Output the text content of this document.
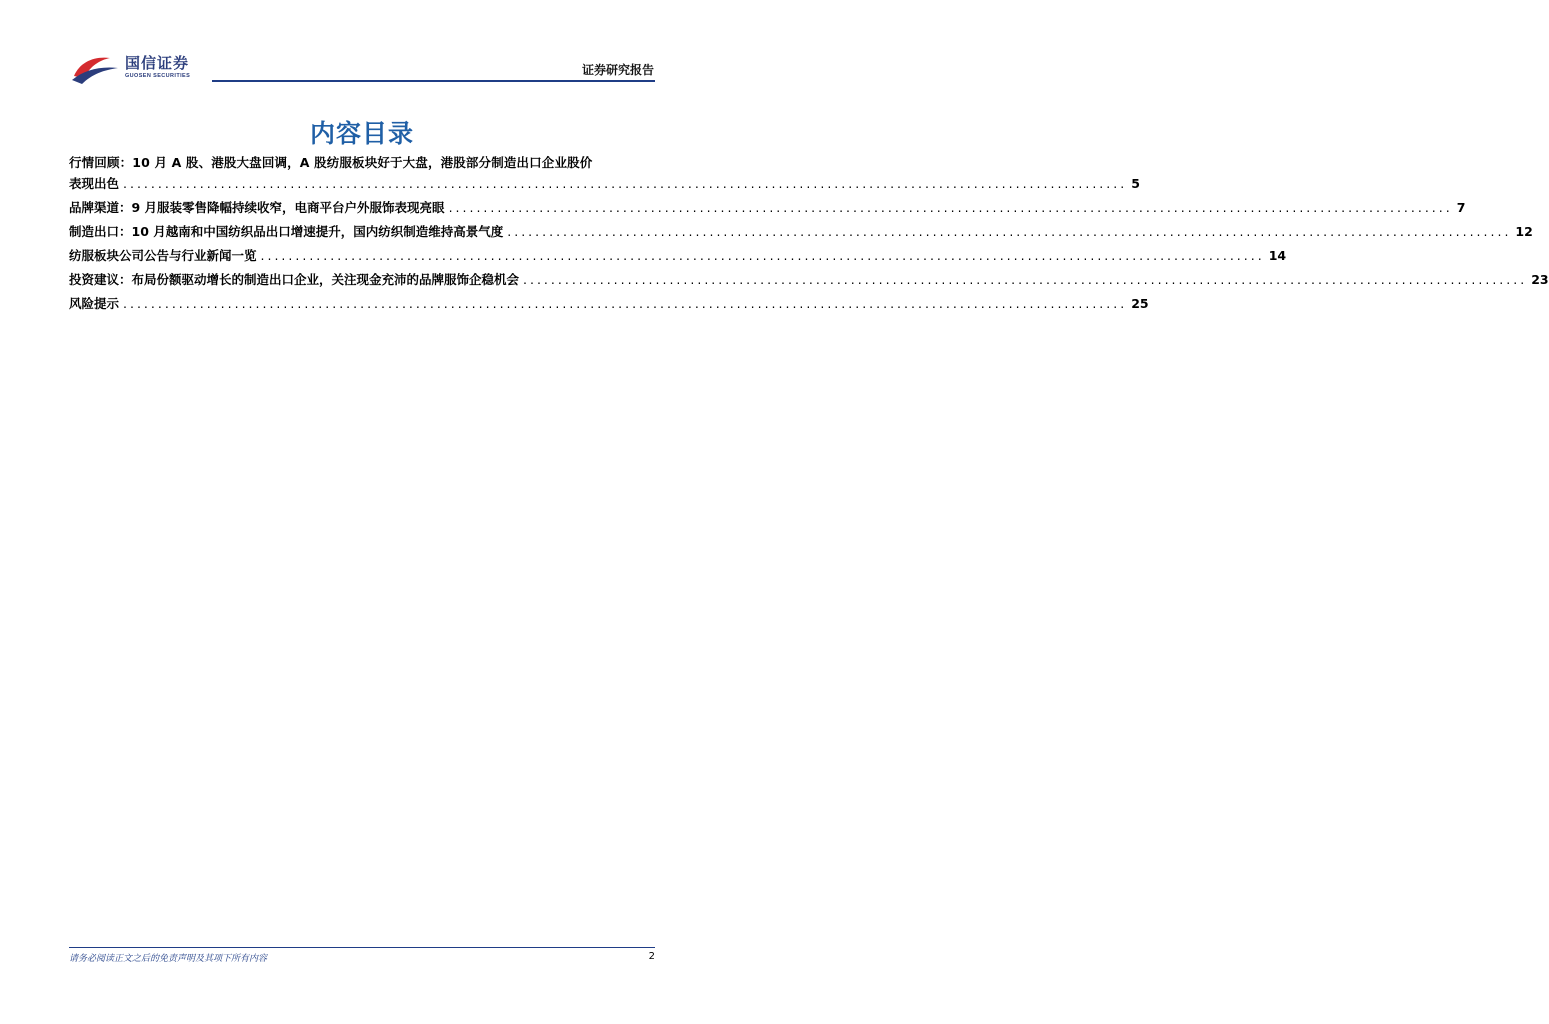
国信证券
GUOSEN SECURITIES	证券研究报告
内容目录
行情回顾：10 月 A 股、港股大盘回调，A 股纺服板块好于大盘，港股部分制造出口企业股价
表现出色 ................................................................................................................................................ 5
品牌渠道：9 月服装零售降幅持续收窄，电商平台户外服饰表现亮眼 ................................................................................................................................................ 7
制造出口：10 月越南和中国纺织品出口增速提升，国内纺织制造维持高景气度 ................................................................................................................................................ 12
纺服板块公司公告与行业新闻一览 ................................................................................................................................................ 14
投资建议：布局份额驱动增长的制造出口企业，关注现金充沛的品牌服饰企稳机会 ................................................................................................................................................ 23
风险提示 ................................................................................................................................................ 25
请务必阅读正文之后的免责声明及其项下所有内容	2
